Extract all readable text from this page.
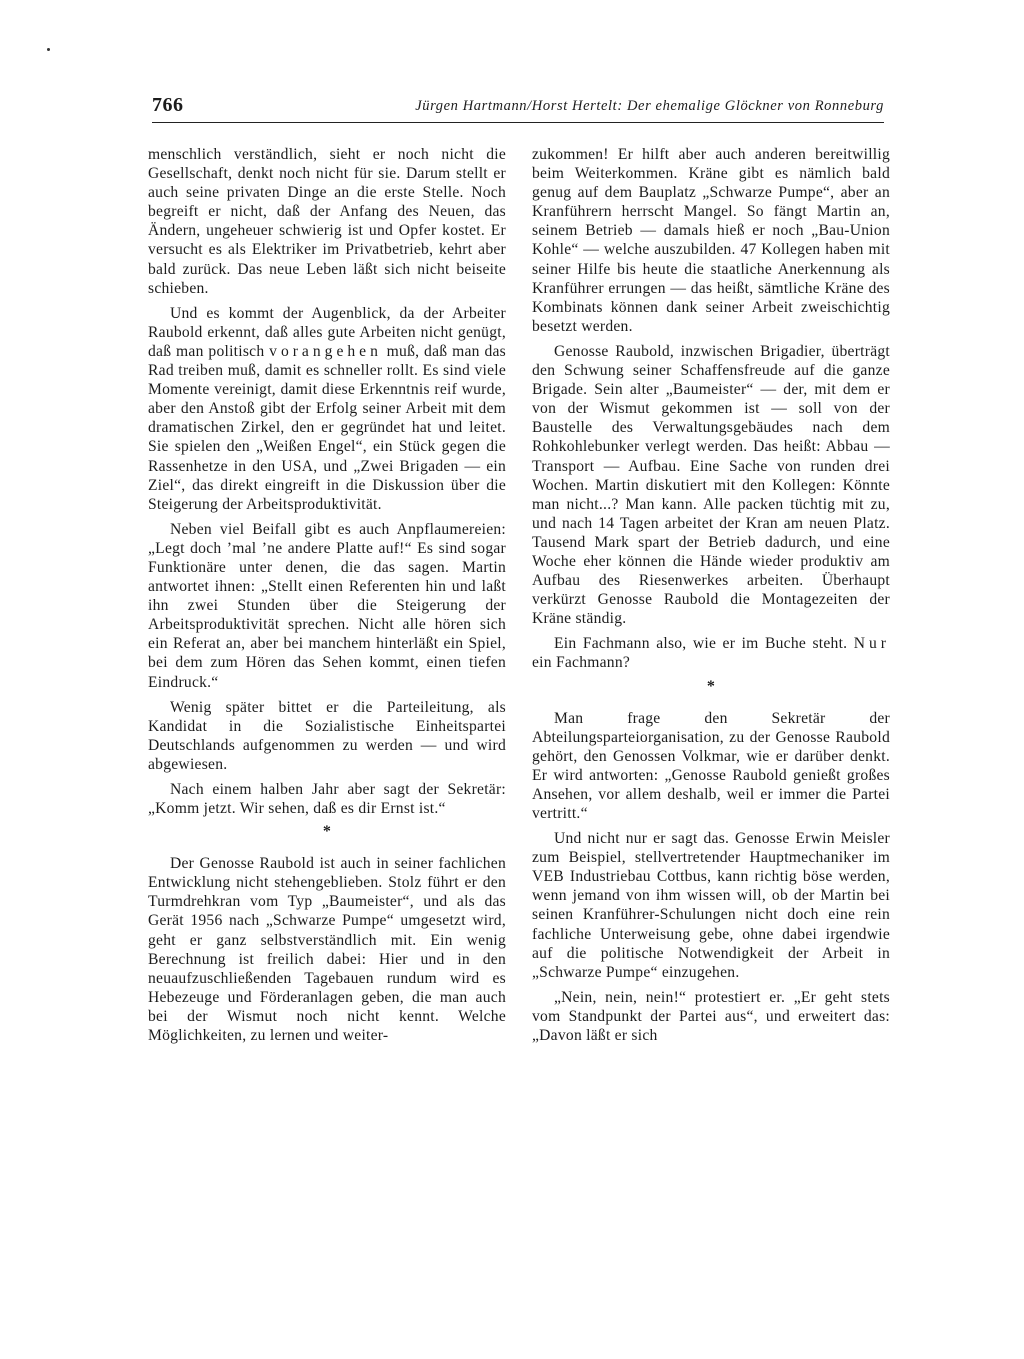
766	Jürgen Hartmann/Horst Hertelt: Der ehemalige Glöckner von Ronneburg

menschlich verständlich, sieht er noch nicht die Gesellschaft, denkt noch nicht für sie. Darum stellt er auch seine privaten Dinge an die erste Stelle. Noch begreift er nicht, daß der Anfang des Neuen, das Ändern, ungeheuer schwierig ist und Opfer kostet. Er versucht es als Elektriker im Privatbetrieb, kehrt aber bald zurück. Das neue Leben läßt sich nicht beiseite schieben.

Und es kommt der Augenblick, da der Arbeiter Raubold erkennt, daß alles gute Arbeiten nicht genügt, daß man politisch vorangehen muß, daß man das Rad treiben muß, damit es schneller rollt. Es sind viele Momente vereinigt, damit diese Erkenntnis reif wurde, aber den Anstoß gibt der Erfolg seiner Arbeit mit dem dramatischen Zirkel, den er gegründet hat und leitet. Sie spielen den „Weißen Engel“, ein Stück gegen die Rassenhetze in den USA, und „Zwei Brigaden — ein Ziel“, das direkt eingreift in die Diskussion über die Steigerung der Arbeitsproduktivität.

Neben viel Beifall gibt es auch Anpflaumereien: „Legt doch ’mal ’ne andere Platte auf!“ Es sind sogar Funktionäre unter denen, die das sagen. Martin antwortet ihnen: „Stellt einen Referenten hin und laßt ihn zwei Stunden über die Steigerung der Arbeitsproduktivität sprechen. Nicht alle hören sich ein Referat an, aber bei manchem hinterläßt ein Spiel, bei dem zum Hören das Sehen kommt, einen tiefen Eindruck.“

Wenig später bittet er die Parteileitung, als Kandidat in die Sozialistische Einheitspartei Deutschlands aufgenommen zu werden — und wird abgewiesen.

Nach einem halben Jahr aber sagt der Sekretär: „Komm jetzt. Wir sehen, daß es dir Ernst ist.“

*

Der Genosse Raubold ist auch in seiner fachlichen Entwicklung nicht stehengeblieben. Stolz führt er den Turmdrehkran vom Typ „Baumeister“, und als das Gerät 1956 nach „Schwarze Pumpe“ umgesetzt wird, geht er ganz selbstverständlich mit. Ein wenig Berechnung ist freilich dabei: Hier und in den neuaufzuschließenden Tagebauen rundum wird es Hebezeuge und Förderanlagen geben, die man auch bei der Wismut noch nicht kennt. Welche Möglichkeiten, zu lernen und weiter-

zukommen! Er hilft aber auch anderen bereitwillig beim Weiterkommen. Kräne gibt es nämlich bald genug auf dem Bauplatz „Schwarze Pumpe“, aber an Kranführern herrscht Mangel. So fängt Martin an, seinem Betrieb — damals hieß er noch „Bau-Union Kohle“ — welche auszubilden. 47 Kollegen haben mit seiner Hilfe bis heute die staatliche Anerkennung als Kranführer errungen — das heißt, sämtliche Kräne des Kombinats können dank seiner Arbeit zweischichtig besetzt werden.

Genosse Raubold, inzwischen Brigadier, überträgt den Schwung seiner Schaffensfreude auf die ganze Brigade. Sein alter „Baumeister“ — der, mit dem er von der Wismut gekommen ist — soll von der Baustelle des Verwaltungsgebäudes nach dem Rohkohlebunker verlegt werden. Das heißt: Abbau — Transport — Aufbau. Eine Sache von runden drei Wochen. Martin diskutiert mit den Kollegen: Könnte man nicht...? Man kann. Alle packen tüchtig mit zu, und nach 14 Tagen arbeitet der Kran am neuen Platz. Tausend Mark spart der Betrieb dadurch, und eine Woche eher können die Hände wieder produktiv am Aufbau des Riesenwerkes arbeiten. Überhaupt verkürzt Genosse Raubold die Montagezeiten der Kräne ständig.

Ein Fachmann also, wie er im Buche steht. Nur ein Fachmann?

*

Man frage den Sekretär der Abteilungsparteiorganisation, zu der Genosse Raubold gehört, den Genossen Volkmar, wie er darüber denkt. Er wird antworten: „Genosse Raubold genießt großes Ansehen, vor allem deshalb, weil er immer die Partei vertritt.“

Und nicht nur er sagt das. Genosse Erwin Meisler zum Beispiel, stellvertretender Hauptmechaniker im VEB Industriebau Cottbus, kann richtig böse werden, wenn jemand von ihm wissen will, ob der Martin bei seinen Kranführer-Schulungen nicht doch eine rein fachliche Unterweisung gebe, ohne dabei irgendwie auf die politische Notwendigkeit der Arbeit in „Schwarze Pumpe“ einzugehen.

„Nein, nein, nein!“ protestiert er. „Er geht stets vom Standpunkt der Partei aus“, und erweitert das: „Davon läßt er sich
